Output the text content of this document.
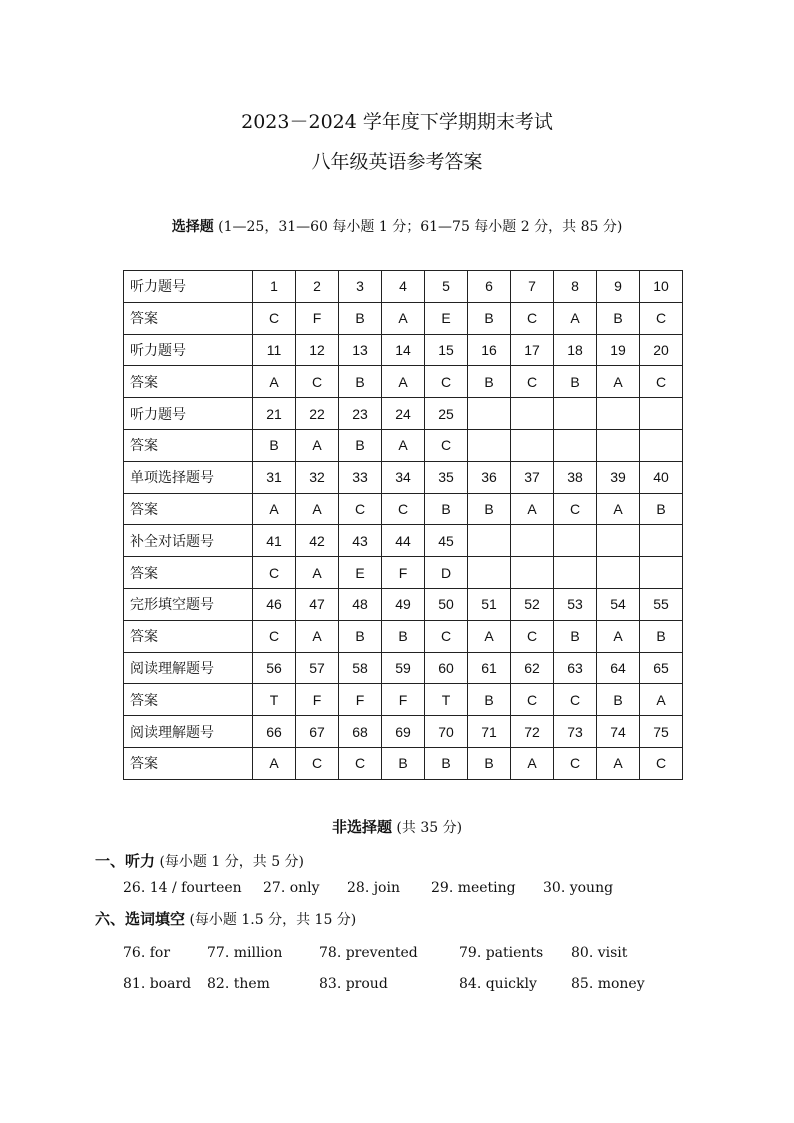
2023－2024 学年度下学期期末考试
八年级英语参考答案
选择题 (1—25，31—60 每小题 1 分；61—75 每小题 2 分，共 85 分)
听力题号	1	2	3	4	5	6	7	8	9	10
答案	C	F	B	A	E	B	C	A	B	C
听力题号	11	12	13	14	15	16	17	18	19	20
答案	A	C	B	A	C	B	C	B	A	C
听力题号	21	22	23	24	25					
答案	B	A	B	A	C					
单项选择题号	31	32	33	34	35	36	37	38	39	40
答案	A	A	C	C	B	B	A	C	A	B
补全对话题号	41	42	43	44	45					
答案	C	A	E	F	D					
完形填空题号	46	47	48	49	50	51	52	53	54	55
答案	C	A	B	B	C	A	C	B	A	B
阅读理解题号	56	57	58	59	60	61	62	63	64	65
答案	T	F	F	F	T	B	C	C	B	A
阅读理解题号	66	67	68	69	70	71	72	73	74	75
答案	A	C	C	B	B	B	A	C	A	C
非选择题 (共 35 分)
一、听力 (每小题 1 分，共 5 分)
26. 14 / fourteen 27. only 28. join 29. meeting 30. young
六、选词填空 (每小题 1.5 分，共 15 分)
76. for	77. million	78. prevented	79. patients 80. visit
81. board 82. them	83. proud	84. quickly 85. money
